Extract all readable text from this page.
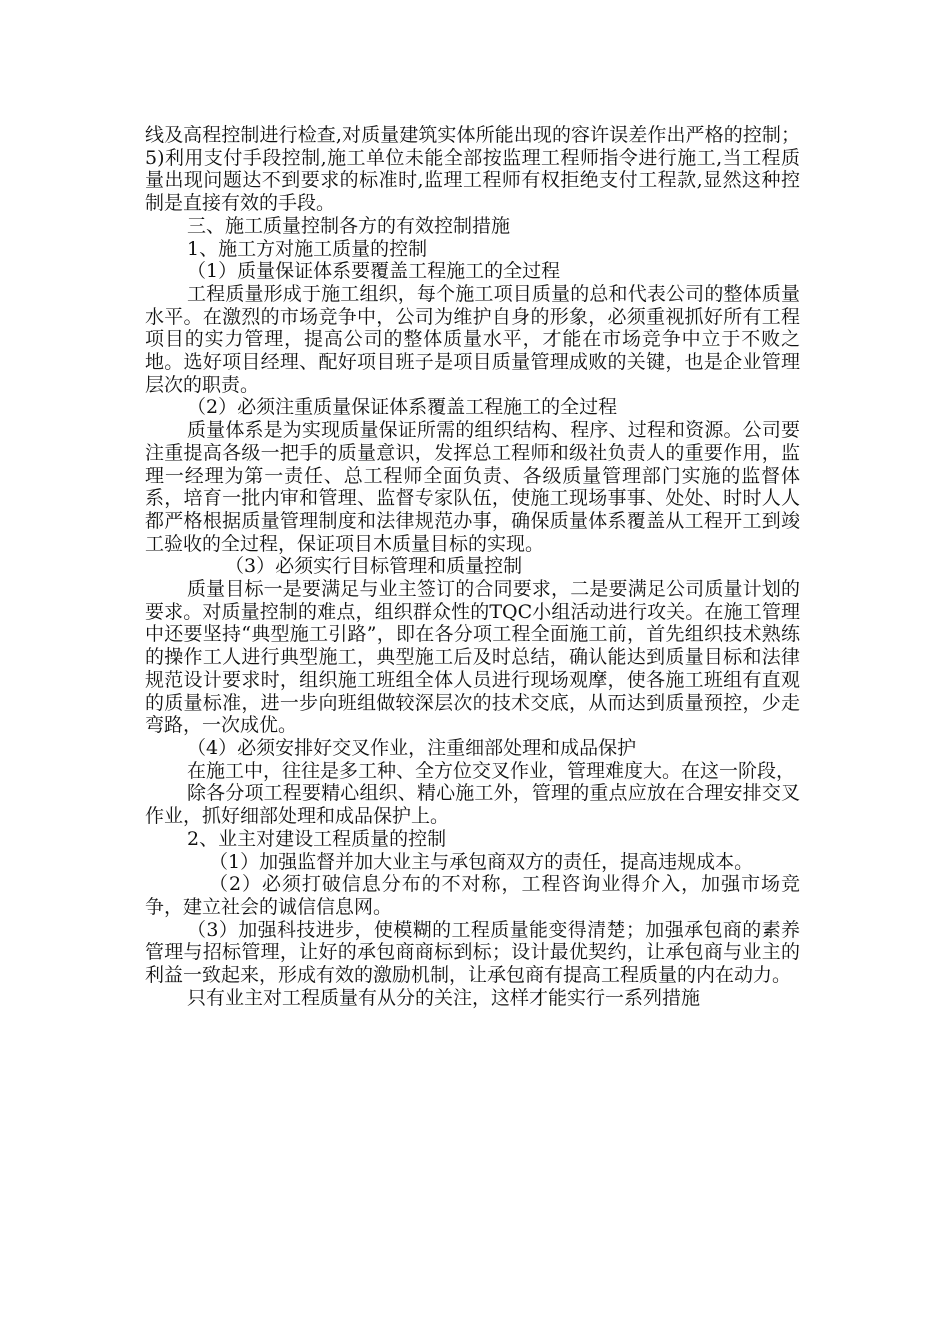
线及高程控制进行检查,对质量建筑实体所能出现的容许误差作出严格的控制；5)利用支付手段控制,施工单位未能全部按监理工程师指令进行施工,当工程质量出现问题达不到要求的标准时,监理工程师有权拒绝支付工程款,显然这种控制是直接有效的手段。

三、施工质量控制各方的有效控制措施

1、施工方对施工质量的控制

（1）质量保证体系要覆盖工程施工的全过程

工程质量形成于施工组织，每个施工项目质量的总和代表公司的整体质量水平。在激烈的市场竞争中，公司为维护自身的形象，必须重视抓好所有工程项目的实力管理，提高公司的整体质量水平，才能在市场竞争中立于不败之地。选好项目经理、配好项目班子是项目质量管理成败的关键，也是企业管理层次的职责。

（2）必须注重质量保证体系覆盖工程施工的全过程

质量体系是为实现质量保证所需的组织结构、程序、过程和资源。公司要注重提高各级一把手的质量意识，发挥总工程师和级社负责人的重要作用，监理一经理为第一责任、总工程师全面负责、各级质量管理部门实施的监督体系，培育一批内审和管理、监督专家队伍，使施工现场事事、处处、时时人人都严格根据质量管理制度和法律规范办事，确保质量体系覆盖从工程开工到竣工验收的全过程，保证项目木质量目标的实现。

（3）必须实行目标管理和质量控制

质量目标一是要满足与业主签订的合同要求，二是要满足公司质量计划的要求。对质量控制的难点，组织群众性的TQC小组活动进行攻关。在施工管理中还要坚持“典型施工引路”，即在各分项工程全面施工前，首先组织技术熟练的操作工人进行典型施工，典型施工后及时总结，确认能达到质量目标和法律规范设计要求时，组织施工班组全体人员进行现场观摩，使各施工班组有直观的质量标准，进一步向班组做较深层次的技术交底，从而达到质量预控，少走弯路，一次成优。

（4）必须安排好交叉作业，注重细部处理和成品保护

在施工中，往往是多工种、全方位交叉作业，管理难度大。在这一阶段，

除各分项工程要精心组织、精心施工外，管理的重点应放在合理安排交叉作业，抓好细部处理和成品保护上。

2、业主对建设工程质量的控制

（1）加强监督并加大业主与承包商双方的责任，提高违规成本。

（2）必须打破信息分布的不对称，工程咨询业得介入，加强市场竞争，建立社会的诚信信息网。

（3）加强科技进步，使模糊的工程质量能变得清楚；加强承包商的素养管理与招标管理，让好的承包商商标到标；设计最优契约，让承包商与业主的利益一致起来，形成有效的激励机制，让承包商有提高工程质量的内在动力。

只有业主对工程质量有从分的关注，这样才能实行一系列措施
